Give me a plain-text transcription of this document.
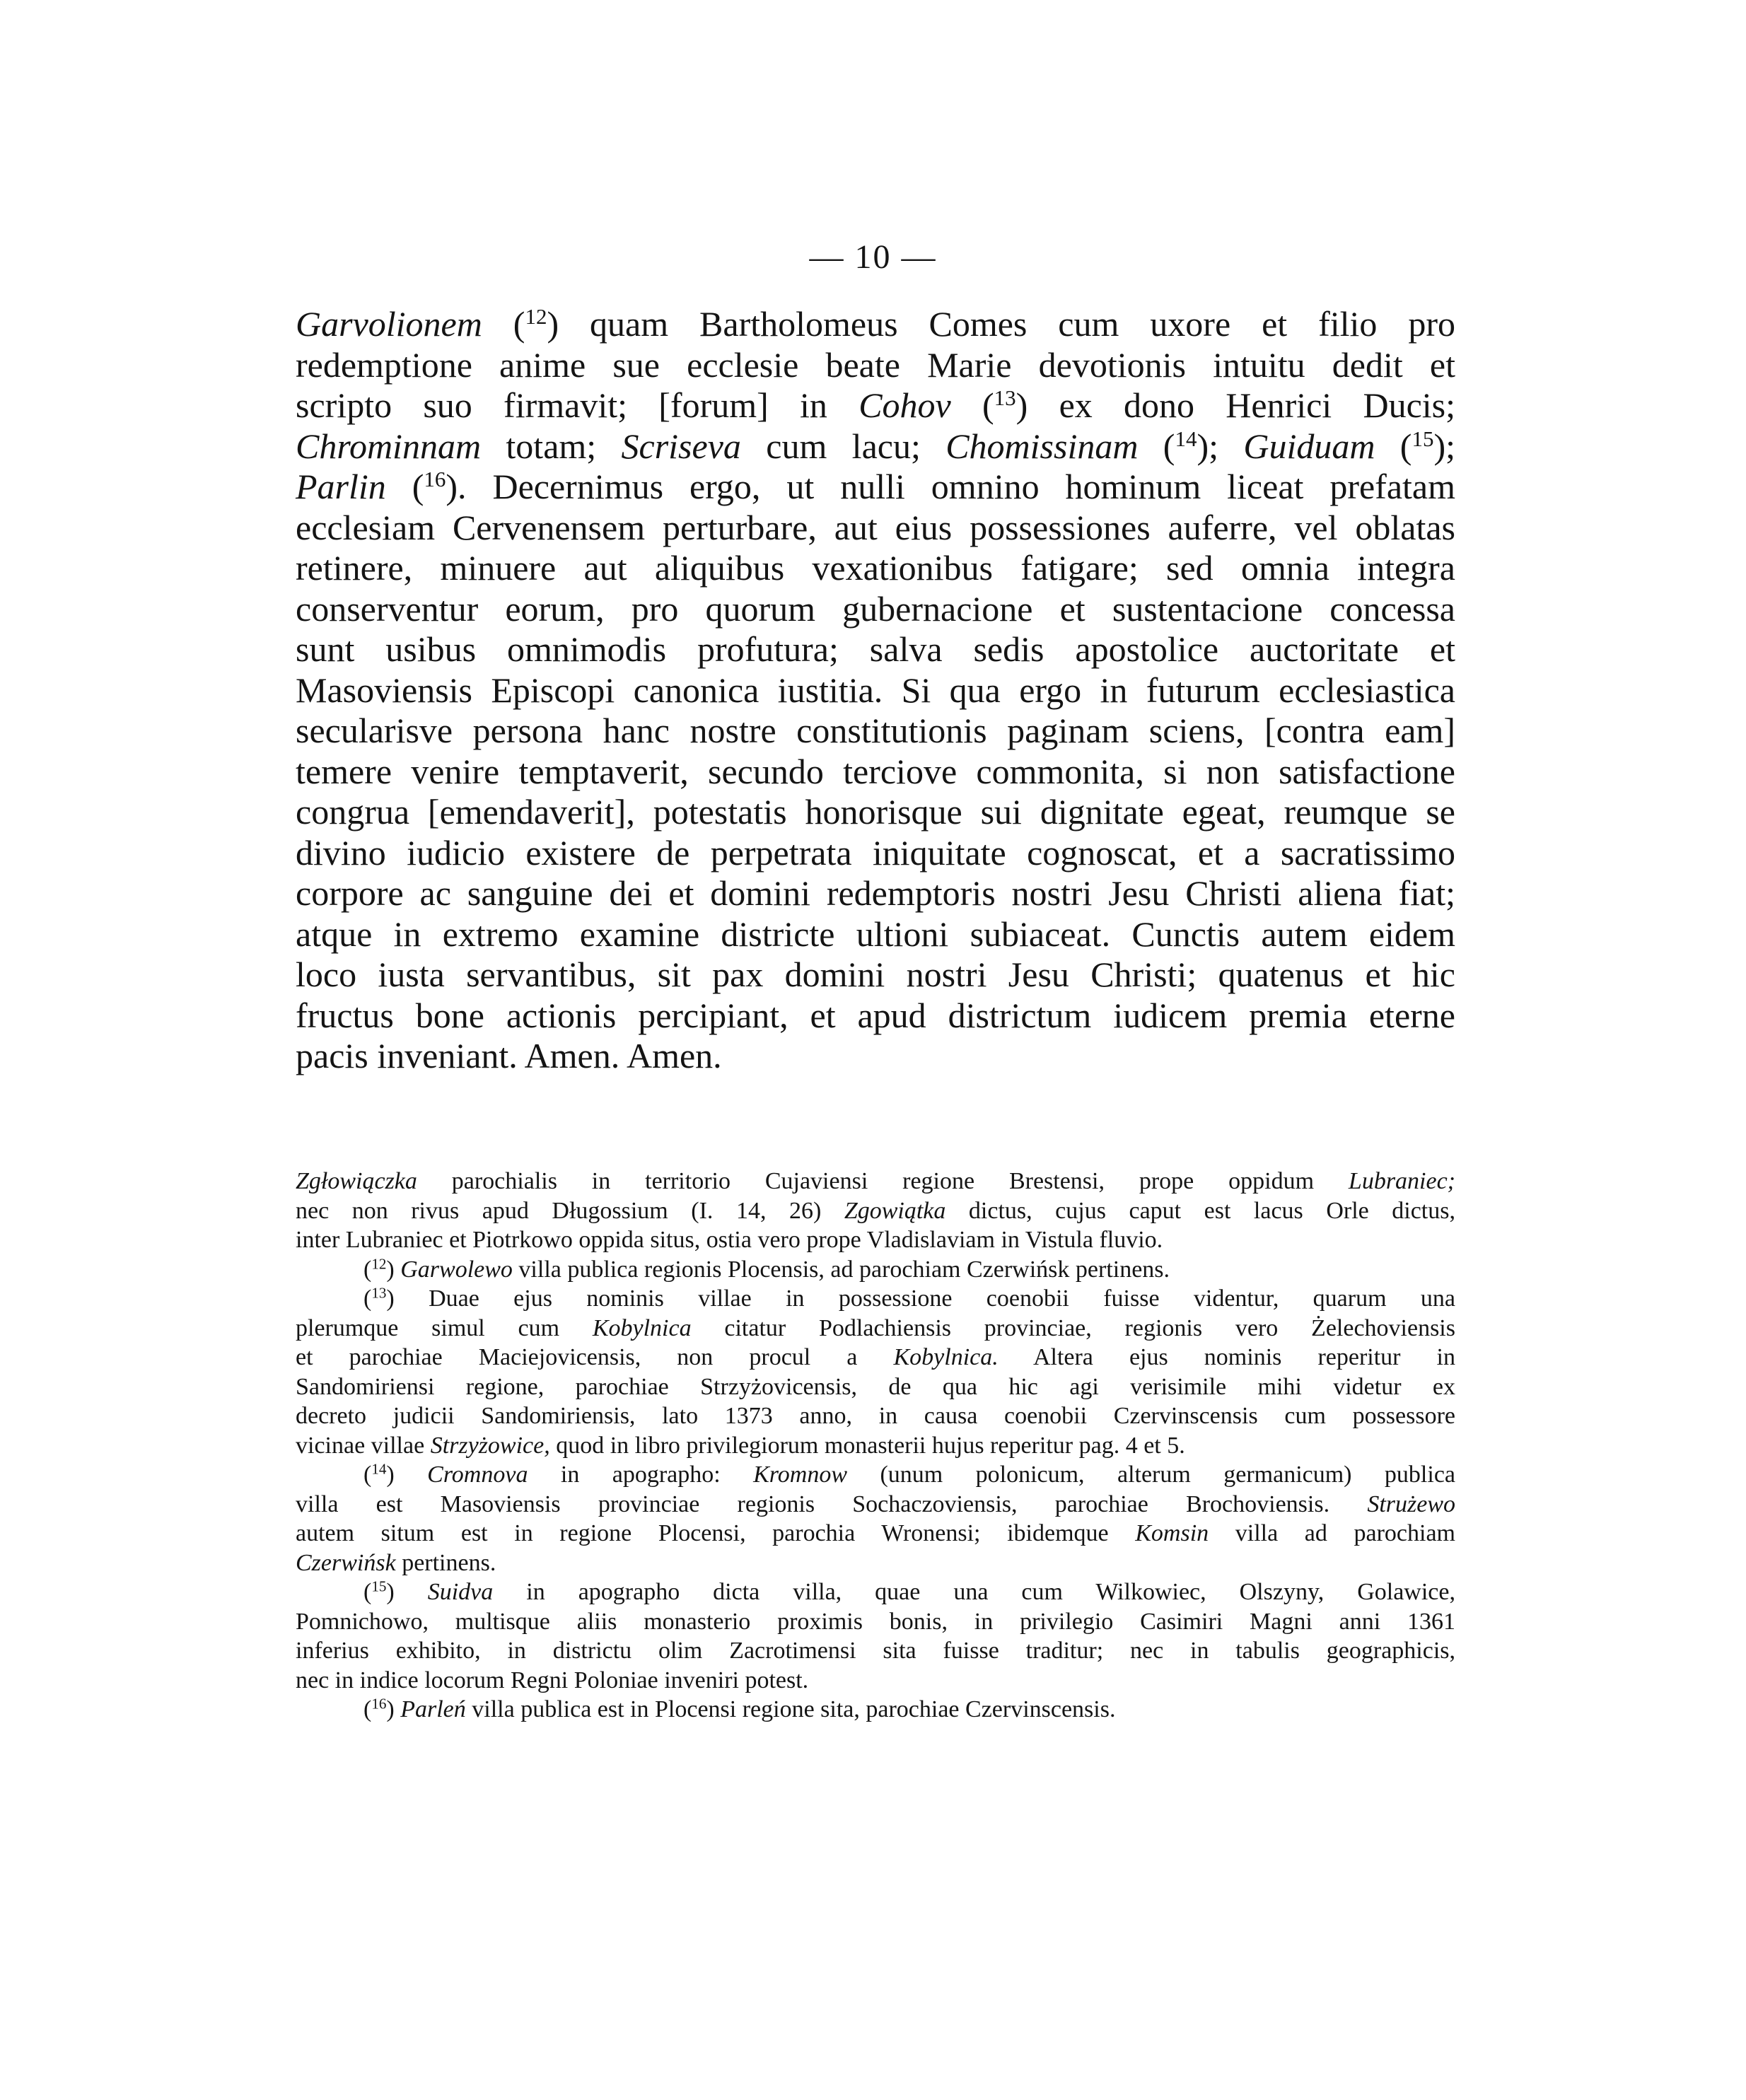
— 10 —
Garvolionem ($^{12}$) quam Bartholomeus Comes cum uxore et filio pro
redemptione anime sue ecclesie beate Marie devotionis intuitu dedit et
scripto suo firmavit; [forum] in Cohov ($^{13}$) ex dono Henrici Ducis;
Chrominnam totam; Scriseva cum lacu; Chomissinam ($^{14}$); Guiduam ($^{15}$);
Parlin ($^{16}$). Decernimus ergo, ut nulli omnino hominum liceat prefatam
ecclesiam Cervenensem perturbare, aut eius possessiones auferre, vel oblatas
retinere, minuere aut aliquibus vexationibus fatigare; sed omnia integra
conserventur eorum, pro quorum gubernacione et sustentacione concessa
sunt usibus omnimodis profutura; salva sedis apostolice auctoritate et
Masoviensis Episcopi canonica iustitia. Si qua ergo in futurum ecclesiastica
secularisve persona hanc nostre constitutionis paginam sciens, [contra eam]
temere venire temptaverit, secundo terciove commonita, si non satisfactione
congrua [emendaverit], potestatis honorisque sui dignitate egeat, reumque se
divino iudicio existere de perpetrata iniquitate cognoscat, et a sacratissimo
corpore ac sanguine dei et domini redemptoris nostri Jesu Christi aliena fiat;
atque in extremo examine districte ultioni subiaceat. Cunctis autem eidem
loco iusta servantibus, sit pax domini nostri Jesu Christi; quatenus et hic
fructus bone actionis percipiant, et apud districtum iudicem premia eterne
pacis inveniant. Amen. Amen.
Zgłowiączka parochialis in territorio Cujaviensi regione Brestensi, prope oppidum Lubraniec;
nec non rivus apud Długossium (I. 14, 26) Zgowiątka dictus, cujus caput est lacus Orle dictus,
inter Lubraniec et Piotrkowo oppida situs, ostia vero prope Vladislaviam in Vistula fluvio.
($^{12}$) Garwolewo villa publica regionis Plocensis, ad parochiam Czerwińsk pertinens.
($^{13}$) Duae ejus nominis villae in possessione coenobii fuisse videntur, quarum una
plerumque simul cum Kobylnica citatur Podlachiensis provinciae, regionis vero Żelechoviensis
et parochiae Maciejovicensis, non procul a Kobylnica. Altera ejus nominis reperitur in
Sandomiriensi regione, parochiae Strzyżovicensis, de qua hic agi verisimile mihi videtur ex
decreto judicii Sandomiriensis, lato 1373 anno, in causa coenobii Czervinscensis cum possessore
vicinae villae Strzyżowice, quod in libro privilegiorum monasterii hujus reperitur pag. 4 et 5.
($^{14}$) Cromnova in apographo: Kromnow (unum polonicum, alterum germanicum) publica
villa est Masoviensis provinciae regionis Sochaczoviensis, parochiae Brochoviensis. Strużewo
autem situm est in regione Plocensi, parochia Wronensi; ibidemque Komsin villa ad parochiam
Czerwińsk pertinens.
($^{15}$) Suidva in apographo dicta villa, quae una cum Wilkowiec, Olszyny, Golawice,
Pomnichowo, multisque aliis monasterio proximis bonis, in privilegio Casimiri Magni anni 1361
inferius exhibito, in districtu olim Zacrotimensi sita fuisse traditur; nec in tabulis geographicis,
nec in indice locorum Regni Poloniae inveniri potest.
($^{16}$) Parleń villa publica est in Plocensi regione sita, parochiae Czervinscensis.
